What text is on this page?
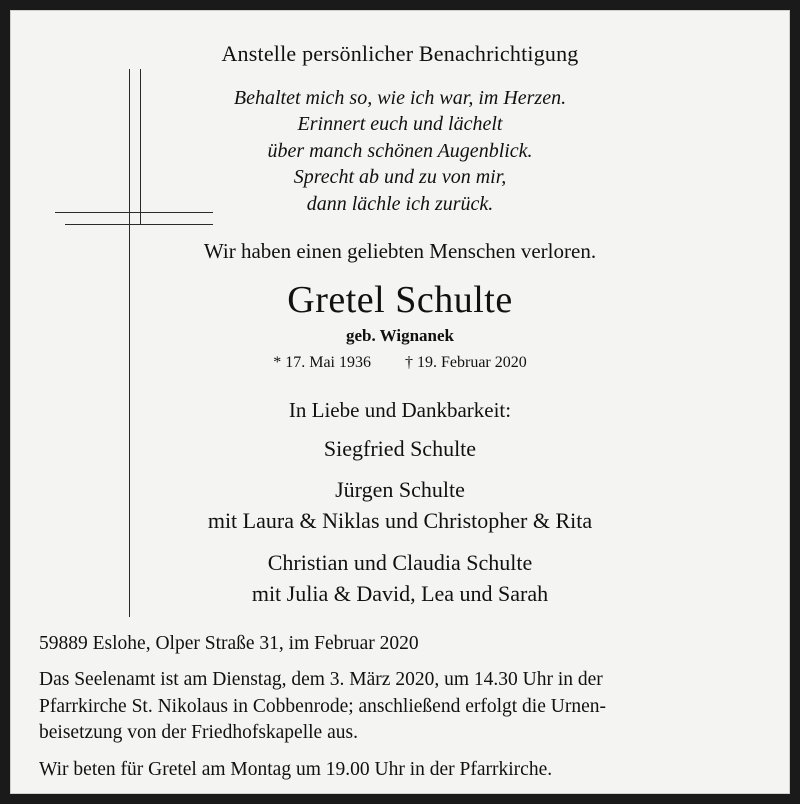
Anstelle persönlicher Benachrichtigung
Behaltet mich so, wie ich war, im Herzen.
Erinnert euch und lächelt
über manch schönen Augenblick.
Sprecht ab und zu von mir,
dann lächle ich zurück.
Wir haben einen geliebten Menschen verloren.
Gretel Schulte
geb. Wignanek
* 17. Mai 1936 † 19. Februar 2020
In Liebe und Dankbarkeit:
Siegfried Schulte
Jürgen Schulte
mit Laura & Niklas und Christopher & Rita
Christian und Claudia Schulte
mit Julia & David, Lea und Sarah
59889 Eslohe, Olper Straße 31, im Februar 2020
Das Seelenamt ist am Dienstag, dem 3. März 2020, um 14.30 Uhr in der
Pfarrkirche St. Nikolaus in Cobbenrode; anschließend erfolgt die Urnen-
beisetzung von der Friedhofskapelle aus.
Wir beten für Gretel am Montag um 19.00 Uhr in der Pfarrkirche.
